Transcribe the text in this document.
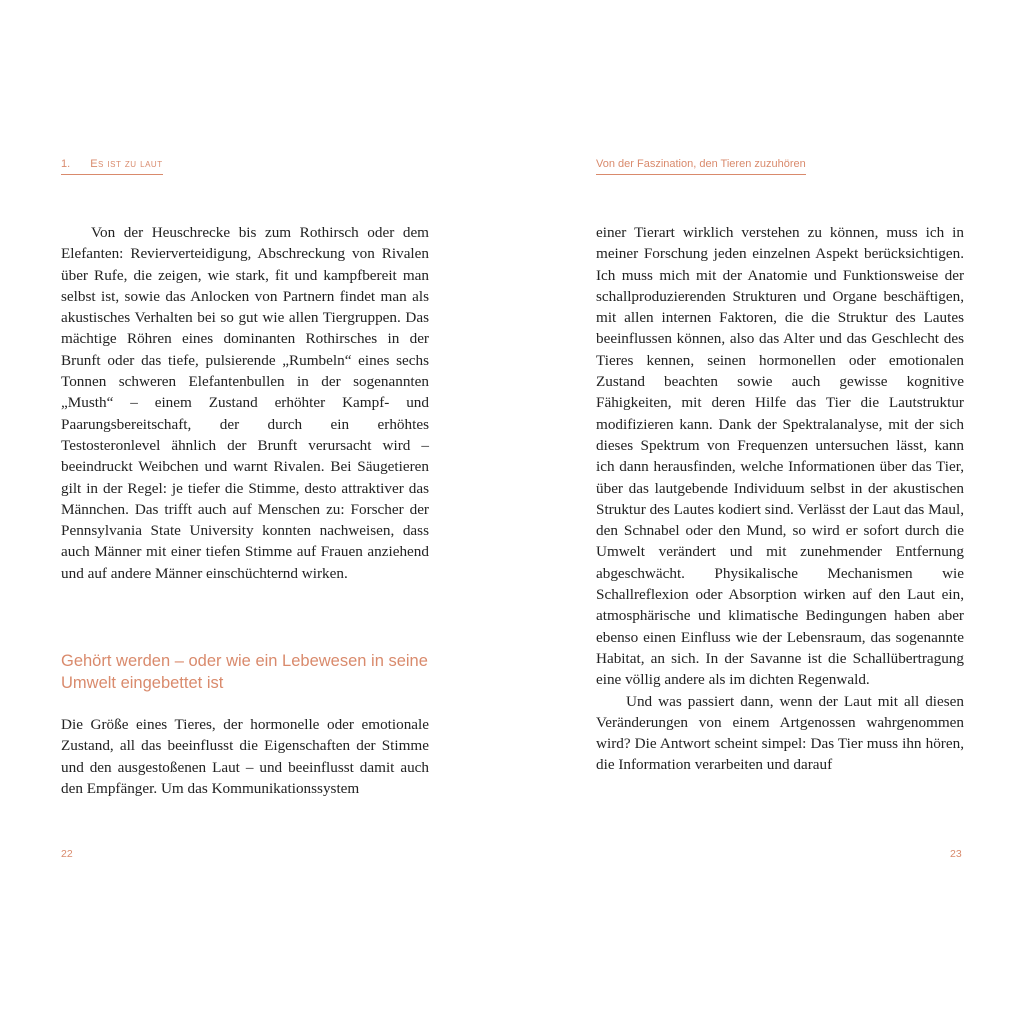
1. Es ist zu laut

Von der Heuschrecke bis zum Rothirsch oder dem Elefanten: Revierverteidigung, Abschreckung von Rivalen über Rufe, die zeigen, wie stark, fit und kampfbereit man selbst ist, sowie das Anlocken von Partnern findet man als akustisches Verhalten bei so gut wie allen Tiergruppen. Das mächtige Röhren eines dominanten Rothirsches in der Brunft oder das tiefe, pulsierende „Rumbeln“ eines sechs Tonnen schweren Elefantenbullen in der sogenannten „Musth“ – einem Zustand erhöhter Kampf- und Paarungsbereitschaft, der durch ein erhöhtes Testosteronlevel ähnlich der Brunft verursacht wird – beeindruckt Weibchen und warnt Rivalen. Bei Säugetieren gilt in der Regel: je tiefer die Stimme, desto attraktiver das Männchen. Das trifft auch auf Menschen zu: Forscher der Pennsylvania State University konnten nachweisen, dass auch Männer mit einer tiefen Stimme auf Frauen anziehend und auf andere Männer einschüchternd wirken.

Gehört werden – oder wie ein Lebewesen in seine Umwelt eingebettet ist

Die Größe eines Tieres, der hormonelle oder emotionale Zustand, all das beeinflusst die Eigenschaften der Stimme und den ausgestoßenen Laut – und beeinflusst damit auch den Empfänger. Um das Kommunikationssystem

22
Von der Faszination, den Tieren zuzuhören

einer Tierart wirklich verstehen zu können, muss ich in meiner Forschung jeden einzelnen Aspekt berücksichtigen. Ich muss mich mit der Anatomie und Funktionsweise der schallproduzierenden Strukturen und Organe beschäftigen, mit allen internen Faktoren, die die Struktur des Lautes beeinflussen können, also das Alter und das Geschlecht des Tieres kennen, seinen hormonellen oder emotionalen Zustand beachten sowie auch gewisse kognitive Fähigkeiten, mit deren Hilfe das Tier die Lautstruktur modifizieren kann. Dank der Spektralanalyse, mit der sich dieses Spektrum von Frequenzen untersuchen lässt, kann ich dann herausfinden, welche Informationen über das Tier, über das lautgebende Individuum selbst in der akustischen Struktur des Lautes kodiert sind. Verlässt der Laut das Maul, den Schnabel oder den Mund, so wird er sofort durch die Umwelt verändert und mit zunehmender Entfernung abgeschwächt. Physikalische Mechanismen wie Schallreflexion oder Absorption wirken auf den Laut ein, atmosphärische und klimatische Bedingungen haben aber ebenso einen Einfluss wie der Lebensraum, das sogenannte Habitat, an sich. In der Savanne ist die Schallübertragung eine völlig andere als im dichten Regenwald.

Und was passiert dann, wenn der Laut mit all diesen Veränderungen von einem Artgenossen wahrgenommen wird? Die Antwort scheint simpel: Das Tier muss ihn hören, die Information verarbeiten und darauf

23
